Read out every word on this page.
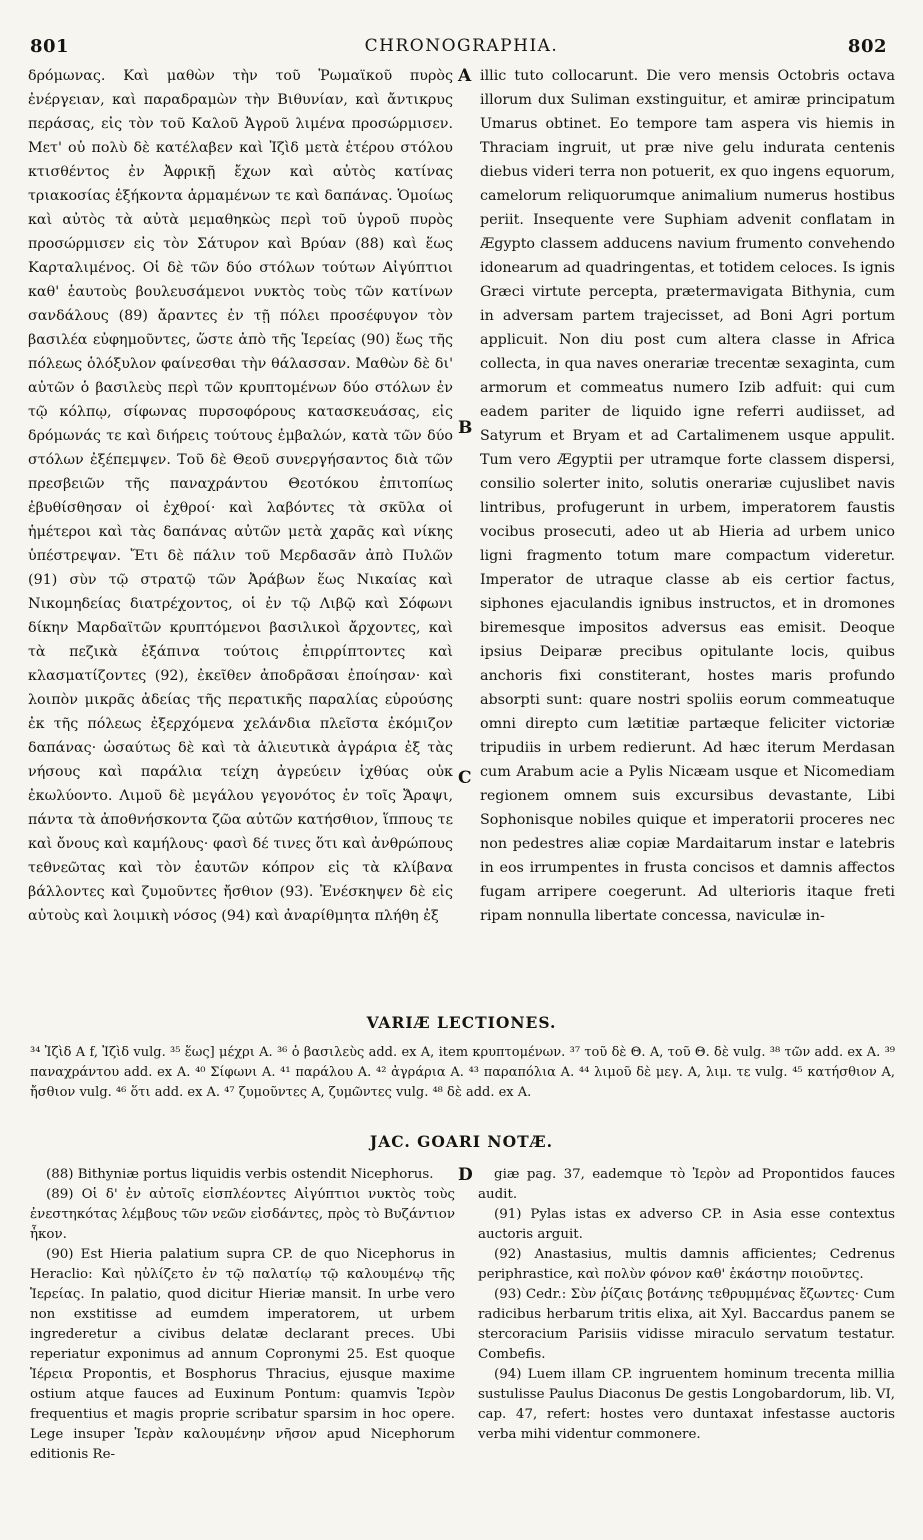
801	CHRONOGRAPHIA.	802
δρόμωνας. Καὶ μαθὼν τὴν τοῦ Ῥωμαϊκοῦ πυρὸς ἐνέργειαν, καὶ παραδραμὼν τὴν Βιθυνίαν, καὶ ἄντικρυς περάσας, εἰς τὸν τοῦ Καλοῦ Ἀγροῦ λιμένα προσώρμισεν. Μετ' οὐ πολὺ δὲ κατέλαβεν καὶ Ἰζὶδ μετὰ ἑτέρου στόλου κτισθέντος ἐν Ἀφρικῇ ἔχων καὶ αὐτὸς κατίνας τριακοσίας ἑξήκοντα ἁρμαμένων τε καὶ δαπάνας. Ὁμοίως καὶ αὐτὸς τὰ αὐτὰ μεμαθηκὼς περὶ τοῦ ὑγροῦ πυρὸς προσώρμισεν εἰς τὸν Σάτυρον καὶ Βρύαν (88) καὶ ἕως Καρταλιμένος. Οἱ δὲ τῶν δύο στόλων τούτων Αἰγύπτιοι καθ' ἑαυτοὺς βουλευσάμενοι νυκτὸς τοὺς τῶν κατίνων σανδάλους (89) ἄραντες ἐν τῇ πόλει προσέφυγον τὸν βασιλέα εὐφημοῦντες, ὥστε ἀπὸ τῆς Ἱερείας (90) ἕως τῆς πόλεως ὁλόξυλον φαίνεσθαι τὴν θάλασσαν. Μαθὼν δὲ δι' αὐτῶν ὁ βασιλεὺς περὶ τῶν κρυπτομένων δύο στόλων ἐν τῷ κόλπῳ, σίφωνας πυρσοφόρους κατασκευάσας, εἰς δρόμωνάς τε καὶ διήρεις τούτους ἐμβαλών, κατὰ τῶν δύο στόλων ἐξέπεμψεν. Τοῦ δὲ Θεοῦ συνεργήσαντος διὰ τῶν πρεσβειῶν τῆς παναχράντου Θεοτόκου ἐπιτοπίως ἐβυθίσθησαν οἱ ἐχθροί· καὶ λαβόντες τὰ σκῦλα οἱ ἡμέτεροι καὶ τὰς δαπάνας αὐτῶν μετὰ χαρᾶς καὶ νίκης ὑπέστρεψαν. Ἔτι δὲ πάλιν τοῦ Μερδασᾶν ἀπὸ Πυλῶν (91) σὺν τῷ στρατῷ τῶν Ἀράβων ἕως Νικαίας καὶ Νικομηδείας διατρέχοντος, οἱ ἐν τῷ Λιβῷ καὶ Σόφωνι δίκην Μαρδαϊτῶν κρυπτόμενοι βασιλικοὶ ἄρχοντες, καὶ τὰ πεζικὰ ἐξάπινα τούτοις ἐπιρρίπτοντες καὶ κλασματίζοντες (92), ἐκεῖθεν ἀποδρᾶσαι ἐποίησαν· καὶ λοιπὸν μικρᾶς ἀδείας τῆς περατικῆς παραλίας εὑρούσης ἐκ τῆς πόλεως ἐξερχόμενα χελάνδια πλεῖστα ἐκόμιζον δαπάνας· ὡσαύτως δὲ καὶ τὰ ἁλιευτικὰ ἀγράρια ἐξ τὰς νήσους καὶ παράλια τείχη ἀγρεύειν ἰχθύας οὐκ ἐκωλύοντο. Λιμοῦ δὲ μεγάλου γεγονότος ἐν τοῖς Ἄραψι, πάντα τὰ ἀποθνήσκοντα ζῶα αὐτῶν κατήσθιον, ἵππους τε καὶ ὄνους καὶ καμήλους· φασὶ δέ τινες ὅτι καὶ ἀνθρώπους τεθνεῶτας καὶ τὸν ἑαυτῶν κόπρον εἰς τὰ κλίβανα βάλλοντες καὶ ζυμοῦντες ἤσθιον (93). Ἐνέσκηψεν δὲ εἰς αὐτοὺς καὶ λοιμικὴ νόσος (94) καὶ ἀναρίθμητα πλήθη ἐξ
illic tuto collocarunt. Die vero mensis Octobris octava illorum dux Suliman exstinguitur, et amiræ principatum Umarus obtinet. Eo tempore tam aspera vis hiemis in Thraciam ingruit, ut præ nive gelu indurata centenis diebus videri terra non potuerit, ex quo ingens equorum, camelorum reliquorumque animalium numerus hostibus periit. Insequente vere Suphiam advenit conflatam in Ægypto classem adducens navium frumento convehendo idonearum ad quadringentas, et totidem celoces. Is ignis Græci virtute percepta, prætermavigata Bithynia, cum in adversam partem trajecisset, ad Boni Agri portum applicuit. Non diu post cum altera classe in Africa collecta, in qua naves onerariæ trecentæ sexaginta, cum armorum et commeatus numero Izib adfuit: qui cum eadem pariter de liquido igne referri audiisset, ad Satyrum et Bryam et ad Cartalimenem usque appulit. Tum vero Ægyptii per utramque forte classem dispersi, consilio solerter inito, solutis onerariæ cujuslibet navis lintribus, profugerunt in urbem, imperatorem faustis vocibus prosecuti, adeo ut ab Hieria ad urbem unico ligni fragmento totum mare compactum videretur. Imperator de utraque classe ab eis certior factus, siphones ejaculandis ignibus instructos, et in dromones biremesque impositos adversus eas emisit. Deoque ipsius Deiparæ precibus opitulante locis, quibus anchoris fixi constiterant, hostes maris profundo absorpti sunt: quare nostri spoliis eorum commeatuque omni direpto cum lætitiæ partæque feliciter victoriæ tripudiis in urbem redierunt. Ad hæc iterum Merdasan cum Arabum acie a Pylis Nicæam usque et Nicomediam regionem omnem suis excursibus devastante, Libi Sophonisque nobiles quique et imperatorii proceres nec non pedestres aliæ copiæ Mardaitarum instar e latebris in eos irrumpentes in frusta concisos et damnis affectos fugam arripere coegerunt. Ad ulterioris itaque freti ripam nonnulla libertate concessa, naviculæ in-
A
B
C
D
VARIÆ LECTIONES.
³⁴ Ἰζὶδ A f, Ἰζὶδ vulg. ³⁵ ἕως] μέχρι A. ³⁶ ὁ βασιλεὺς add. ex A, item κρυπτομένων. ³⁷ τοῦ δὲ Θ. A, τοῦ Θ. δὲ vulg. ³⁸ τῶν add. ex A. ³⁹ παναχράντου add. ex A. ⁴⁰ Σίφωνι A. ⁴¹ παράλου A. ⁴² ἀγράρια A. ⁴³ παραπόλια A. ⁴⁴ λιμοῦ δὲ μεγ. A, λιμ. τε vulg. ⁴⁵ κατήσθιον A, ἤσθιον vulg. ⁴⁶ ὅτι add. ex A. ⁴⁷ ζυμοῦντες A, ζυμῶντες vulg. ⁴⁸ δὲ add. ex A.
JAC. GOARI NOTÆ.

(88) Bithyniæ portus liquidis verbis ostendit Nicephorus.

(89) Οἱ δ' ἐν αὐτοῖς εἰσπλέοντες Αἰγύπτιοι νυκτὸς τοὺς ἐνεστηκότας λέμβους τῶν νεῶν εἰσδάντες, πρὸς τὸ Βυζάντιον ἧκον.

(90) Est Hieria palatium supra CP. de quo Nicephorus in Heraclio: Καὶ ηὐλίζετο ἐν τῷ παλατίῳ τῷ καλουμένῳ τῆς Ἱερείας. In palatio, quod dicitur Hieriæ mansit. In urbe vero non exstitisse ad eumdem imperatorem, ut urbem ingrederetur a civibus delatæ declarant preces. Ubi reperiatur exponimus ad annum Copronymi 25. Est quoque Ἱέρεια Propontis, et Bosphorus Thracius, ejusque maxime ostium atque fauces ad Euxinum Pontum: quamvis Ἱερὸν frequentius et magis proprie scribatur sparsim in hoc opere. Lege insuper Ἱερὰν καλουμένην νῆσον apud Nicephorum editionis Re-

giæ pag. 37, eademque τὸ Ἱερὸν ad Propontidos fauces audit.

(91) Pylas istas ex adverso CP. in Asia esse contextus auctoris arguit.

(92) Anastasius, multis damnis afficientes; Cedrenus periphrastice, καὶ πολὺν φόνον καθ' ἑκάστην ποιοῦντες.

(93) Cedr.: Σὺν ῥίζαις βοτάνης τεθρυμμένας ἔζωντες· Cum radicibus herbarum tritis elixa, ait Xyl. Baccardus panem se stercoracium Parisiis vidisse miraculo servatum testatur. Combefis.

(94) Luem illam CP. ingruentem hominum trecenta millia sustulisse Paulus Diaconus De gestis Longobardorum, lib. VI, cap. 47, refert: hostes vero duntaxat infestasse auctoris verba mihi videntur commonere.
